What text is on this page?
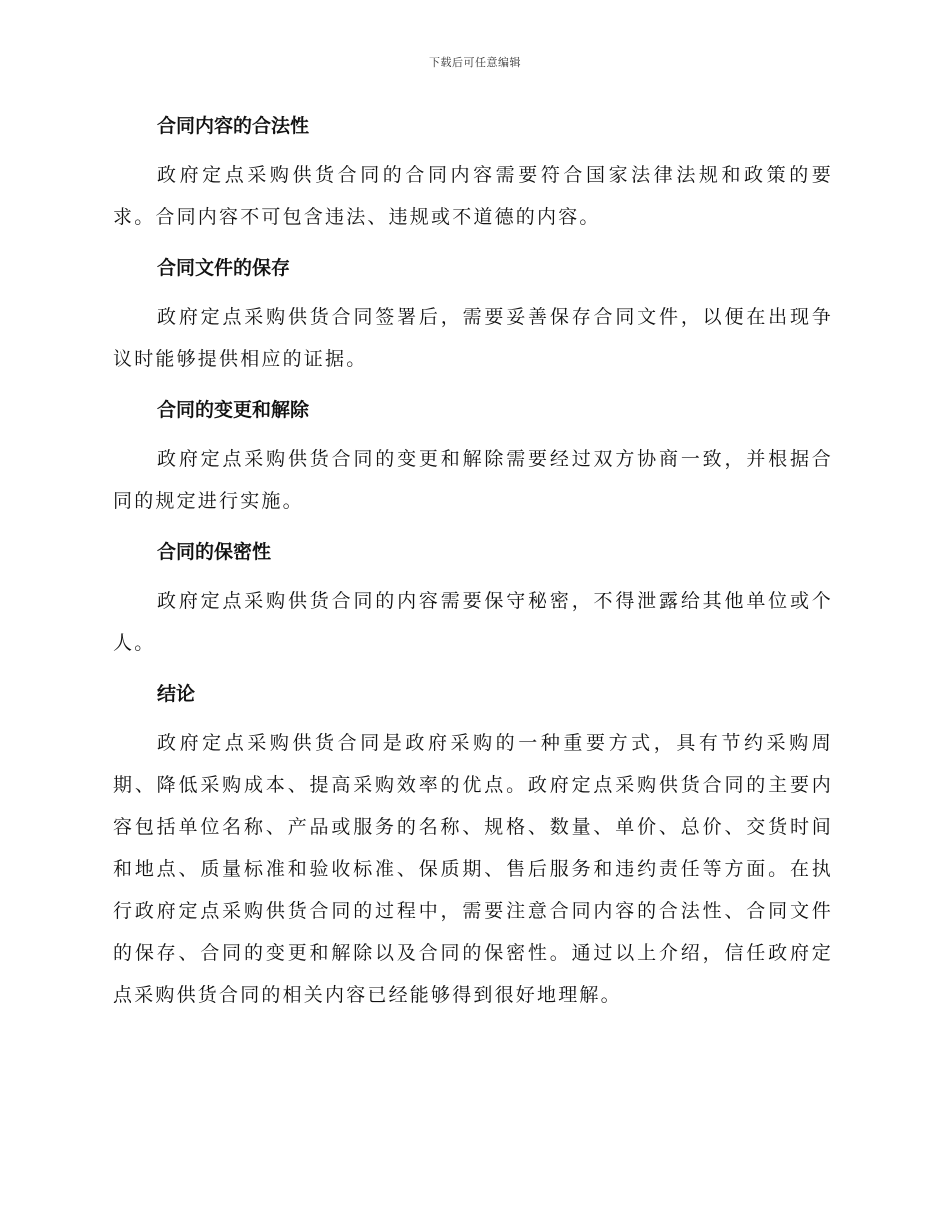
下载后可任意编辑
合同内容的合法性

政府定点采购供货合同的合同内容需要符合国家法律法规和政策的要求。合同内容不可包含违法、违规或不道德的内容。

合同文件的保存

政府定点采购供货合同签署后，需要妥善保存合同文件，以便在出现争议时能够提供相应的证据。

合同的变更和解除

政府定点采购供货合同的变更和解除需要经过双方协商一致，并根据合同的规定进行实施。

合同的保密性

政府定点采购供货合同的内容需要保守秘密，不得泄露给其他单位或个人。

结论

政府定点采购供货合同是政府采购的一种重要方式，具有节约采购周期、降低采购成本、提高采购效率的优点。政府定点采购供货合同的主要内容包括单位名称、产品或服务的名称、规格、数量、单价、总价、交货时间和地点、质量标准和验收标准、保质期、售后服务和违约责任等方面。在执行政府定点采购供货合同的过程中，需要注意合同内容的合法性、合同文件的保存、合同的变更和解除以及合同的保密性。通过以上介绍，信任政府定点采购供货合同的相关内容已经能够得到很好地理解。
